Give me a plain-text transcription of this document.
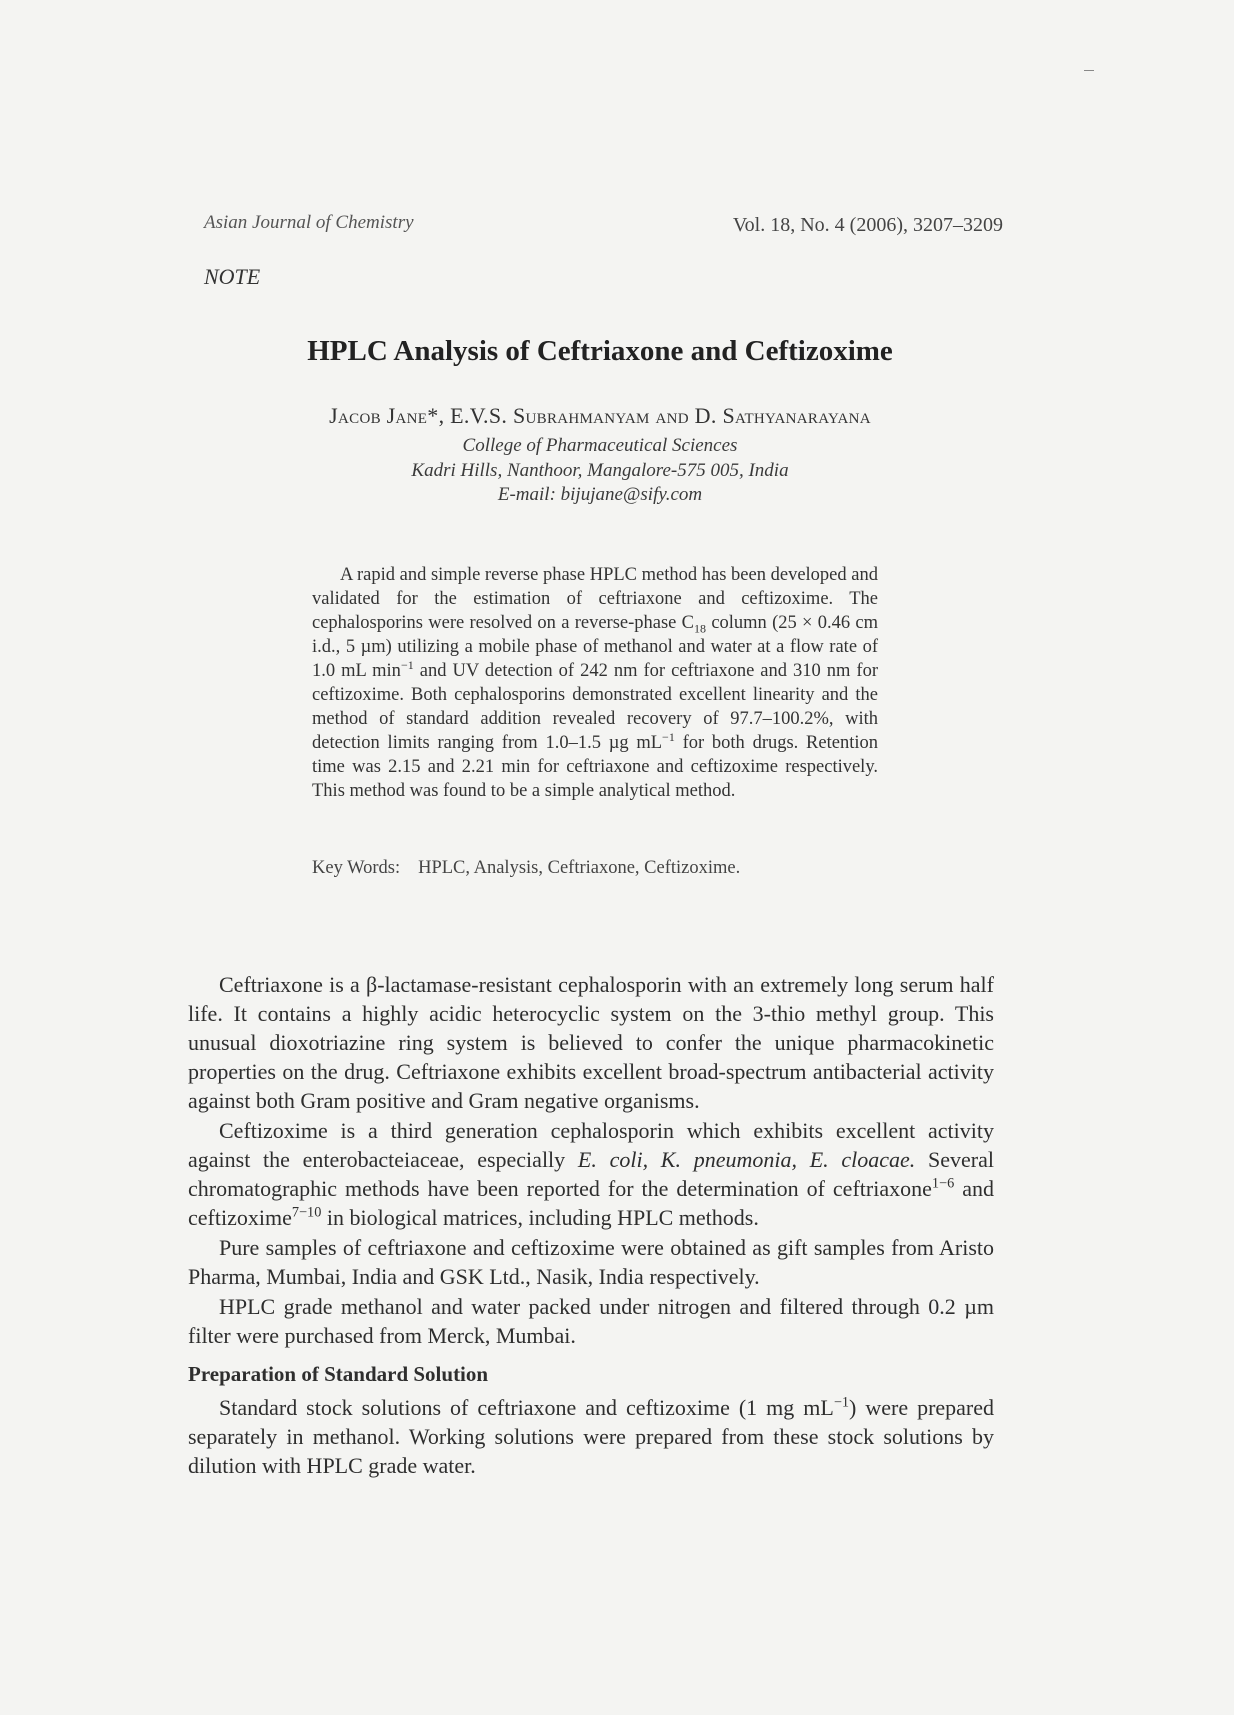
Asian Journal of Chemistry	Vol. 18, No. 4 (2006), 3207–3209
NOTE
HPLC Analysis of Ceftriaxone and Ceftizoxime
Jacob Jane*, E.V.S. Subrahmanyam and D. Sathyanarayana
College of Pharmaceutical Sciences
Kadri Hills, Nanthoor, Mangalore-575 005, India
E-mail: bijujane@sify.com

A rapid and simple reverse phase HPLC method has been developed and validated for the estimation of ceftriaxone and ceftizoxime. The cephalosporins were resolved on a reverse-phase $C_{18}$ column (25 × 0.46 cm i.d., 5 µm) utilizing a mobile phase of methanol and water at a flow rate of 1.0 mL $\min^{-1}$ and UV detection of 242 nm for ceftriaxone and 310 nm for ceftizoxime. Both cephalosporins demonstrated excellent linearity and the method of standard addition revealed recovery of 97.7–100.2%, with detection limits ranging from 1.0–1.5 µg $mL^{-1}$ for both drugs. Retention time was 2.15 and 2.21 min for ceftriaxone and ceftizoxime respectively. This method was found to be a simple analytical method.

Key Words: HPLC, Analysis, Ceftriaxone, Ceftizoxime.

Ceftriaxone is a β-lactamase-resistant cephalosporin with an extremely long serum half life. It contains a highly acidic heterocyclic system on the 3-thio methyl group. This unusual dioxotriazine ring system is believed to confer the unique pharmacokinetic properties on the drug. Ceftriaxone exhibits excellent broad-spectrum antibacterial activity against both Gram positive and Gram negative organisms.

Ceftizoxime is a third generation cephalosporin which exhibits excellent activity against the enterobacteiaceae, especially E. coli, K. pneumonia, E. cloacae. Several chromatographic methods have been reported for the determination of ceftriaxone$^{1-6}$ and ceftizoxime$^{7-10}$ in biological matrices, including HPLC methods.

Pure samples of ceftriaxone and ceftizoxime were obtained as gift samples from Aristo Pharma, Mumbai, India and GSK Ltd., Nasik, India respectively.

HPLC grade methanol and water packed under nitrogen and filtered through 0.2 µm filter were purchased from Merck, Mumbai.

Preparation of Standard Solution

Standard stock solutions of ceftriaxone and ceftizoxime (1 mg $mL^{-1}$) were prepared separately in methanol. Working solutions were prepared from these stock solutions by dilution with HPLC grade water.
